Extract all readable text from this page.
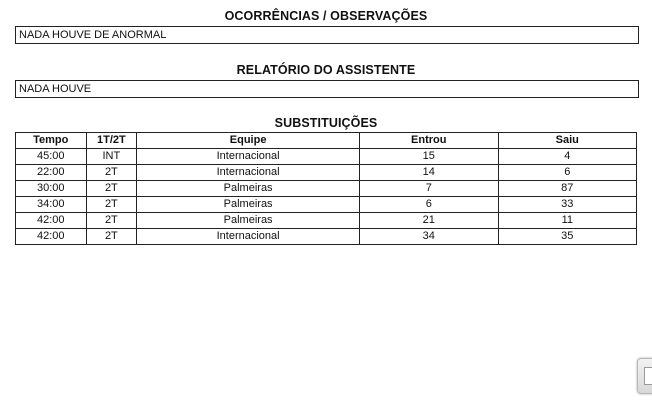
OCORRÊNCIAS / OBSERVAÇÕES
NADA HOUVE DE ANORMAL
RELATÓRIO DO ASSISTENTE
NADA HOUVE
SUBSTITUIÇÕES
Tempo	1T/2T	Equipe	Entrou	Saiu
45:00	INT	Internacional	15	4
22:00	2T	Internacional	14	6
30:00	2T	Palmeiras	7	87
34:00	2T	Palmeiras	6	33
42:00	2T	Palmeiras	21	11
42:00	2T	Internacional	34	35
